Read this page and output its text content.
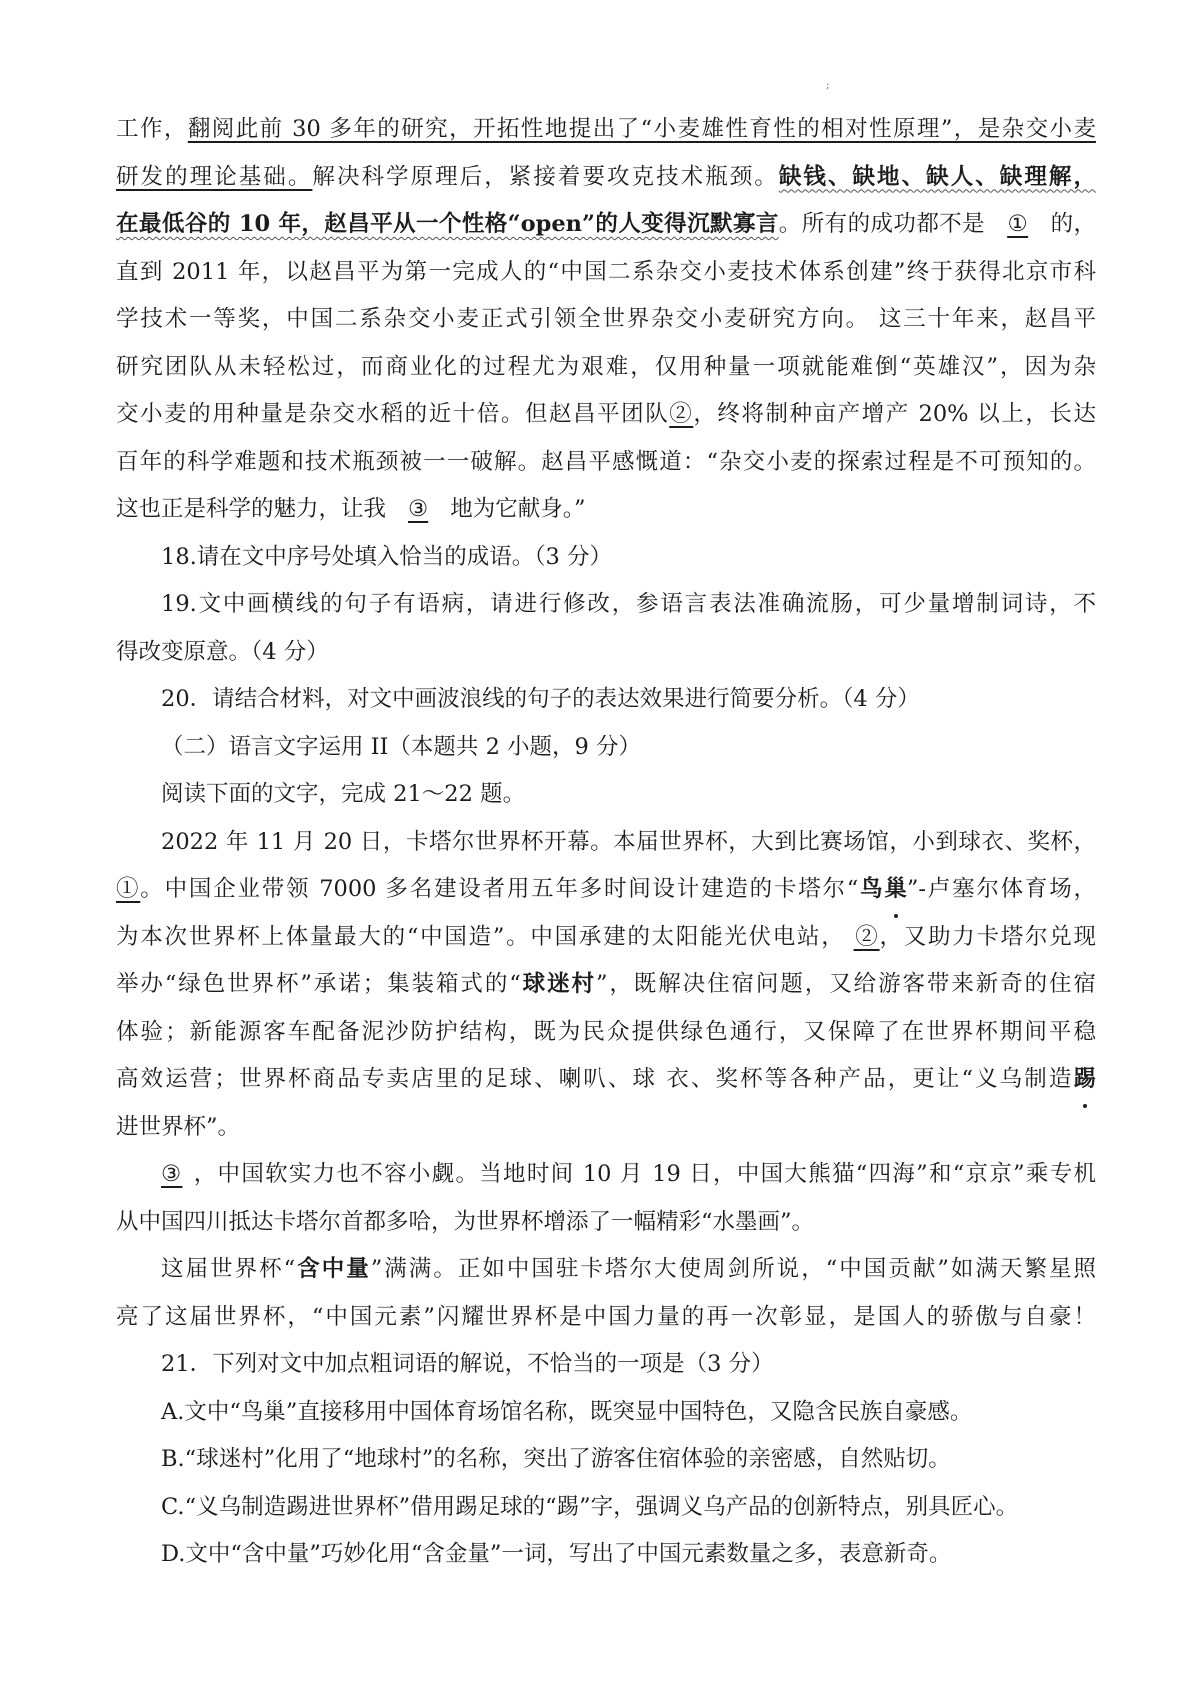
;

工作，翻阅此前 30 多年的研究，开拓性地提出了“小麦雄性育性的相对性原理”，是杂交小麦

研发的理论基础。解决科学原理后，紧接着要攻克技术瓶颈。缺钱、缺地、缺人、缺理解，

在最低谷的 10 年，赵昌平从一个性格“open”的人变得沉默寡言。所有的成功都不是 ① 的，

直到 2011 年，以赵昌平为第一完成人的“中国二系杂交小麦技术体系创建”终于获得北京市科

学技术一等奖，中国二系杂交小麦正式引领全世界杂交小麦研究方向。 这三十年来，赵昌平

研究团队从未轻松过，而商业化的过程尤为艰难，仅用种量一项就能难倒“英雄汉”，因为杂

交小麦的用种量是杂交水稻的近十倍。但赵昌平团队②，终将制种亩产增产 20% 以上，长达

百年的科学难题和技术瓶颈被一一破解。赵昌平感慨道：“杂交小麦的探索过程是不可预知的。

这也正是科学的魅力，让我 ③ 地为它献身。”

18.请在文中序号处填入恰当的成语。（3 分）

19.文中画横线的句子有语病，请进行修改，参语言表法准确流肠，可少量增制词诗，不

得改变原意。（4 分）

20．请结合材料，对文中画波浪线的句子的表达效果进行简要分析。（4 分）

（二）语言文字运用 II（本题共 2 小题，9 分）

阅读下面的文字，完成 21～22 题。

2022 年 11 月 20 日，卡塔尔世界杯开幕。本届世界杯，大到比赛场馆，小到球衣、奖杯，

①。中国企业带领 7000 多名建设者用五年多时间设计建造的卡塔尔“鸟巢”-卢塞尔体育场，

为本次世界杯上体量最大的“中国造”。中国承建的太阳能光伏电站， ②，又助力卡塔尔兑现

举办“绿色世界杯”承诺；集装箱式的“球迷村”，既解决住宿问题，又给游客带来新奇的住宿

体验；新能源客车配备泥沙防护结构，既为民众提供绿色通行，又保障了在世界杯期间平稳

高效运营；世界杯商品专卖店里的足球、喇叭、球 衣、奖杯等各种产品，更让“义乌制造踢

进世界杯”。

③ ，中国软实力也不容小觑。当地时间 10 月 19 日，中国大熊猫“四海”和“京京”乘专机

从中国四川抵达卡塔尔首都多哈，为世界杯增添了一幅精彩“水墨画”。

这届世界杯“含中量”满满。正如中国驻卡塔尔大使周剑所说，“中国贡献”如满天繁星照

亮了这届世界杯，“中国元素”闪耀世界杯是中国力量的再一次彰显，是国人的骄傲与自豪！

21．下列对文中加点粗词语的解说，不恰当的一项是（3 分）

A.文中“鸟巢”直接移用中国体育场馆名称，既突显中国特色，又隐含民族自豪感。

B.“球迷村”化用了“地球村”的名称，突出了游客住宿体验的亲密感，自然贴切。

C.“义乌制造踢进世界杯”借用踢足球的“踢”字，强调义乌产品的创新特点，别具匠心。

D.文中“含中量”巧妙化用“含金量”一词，写出了中国元素数量之多，表意新奇。
